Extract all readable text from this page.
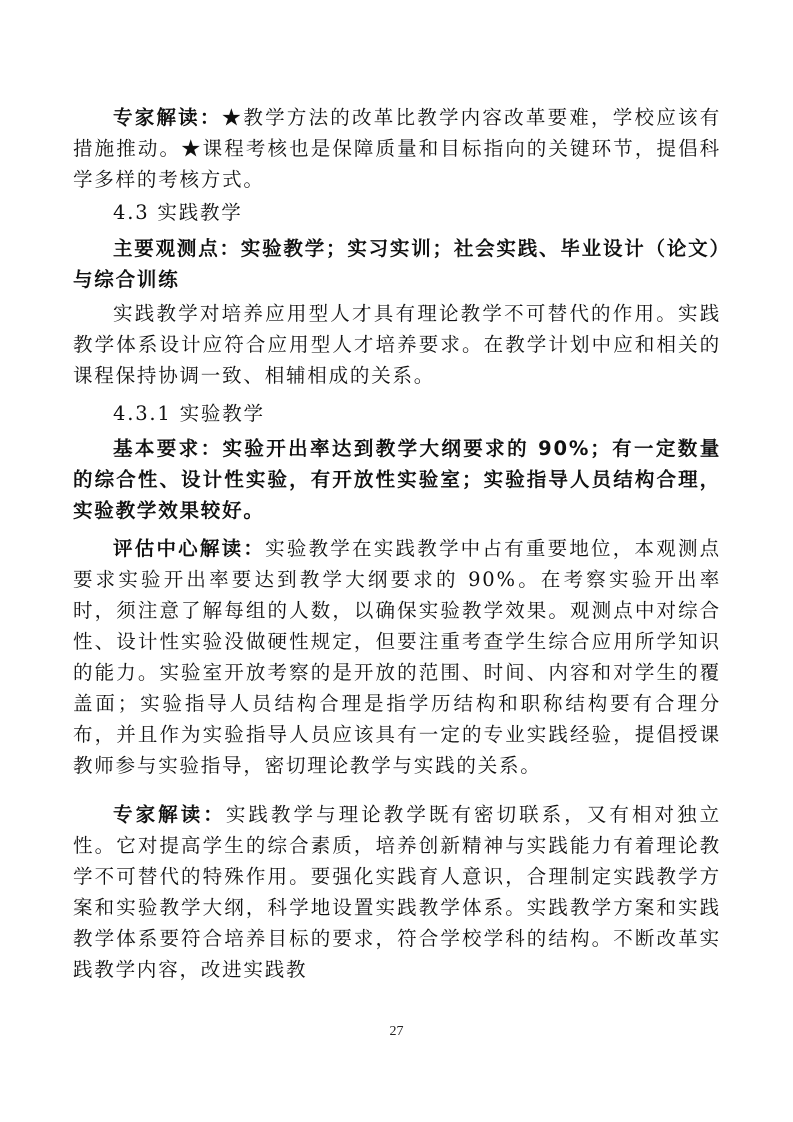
专家解读：★教学方法的改革比教学内容改革要难，学校应该有措施推动。★课程考核也是保障质量和目标指向的关键环节，提倡科学多样的考核方式。

4.3 实践教学

主要观测点：实验教学；实习实训；社会实践、毕业设计（论文）与综合训练

实践教学对培养应用型人才具有理论教学不可替代的作用。实践教学体系设计应符合应用型人才培养要求。在教学计划中应和相关的课程保持协调一致、相辅相成的关系。

4.3.1 实验教学

基本要求：实验开出率达到教学大纲要求的 90%；有一定数量的综合性、设计性实验，有开放性实验室；实验指导人员结构合理，实验教学效果较好。

评估中心解读：实验教学在实践教学中占有重要地位，本观测点要求实验开出率要达到教学大纲要求的 90%。在考察实验开出率时，须注意了解每组的人数，以确保实验教学效果。观测点中对综合性、设计性实验没做硬性规定，但要注重考查学生综合应用所学知识的能力。实验室开放考察的是开放的范围、时间、内容和对学生的覆盖面；实验指导人员结构合理是指学历结构和职称结构要有合理分布，并且作为实验指导人员应该具有一定的专业实践经验，提倡授课教师参与实验指导，密切理论教学与实践的关系。

专家解读：实践教学与理论教学既有密切联系，又有相对独立性。它对提高学生的综合素质，培养创新精神与实践能力有着理论教学不可替代的特殊作用。要强化实践育人意识，合理制定实践教学方案和实验教学大纲，科学地设置实践教学体系。实践教学方案和实践教学体系要符合培养目标的要求，符合学校学科的结构。不断改革实践教学内容，改进实践教

27
